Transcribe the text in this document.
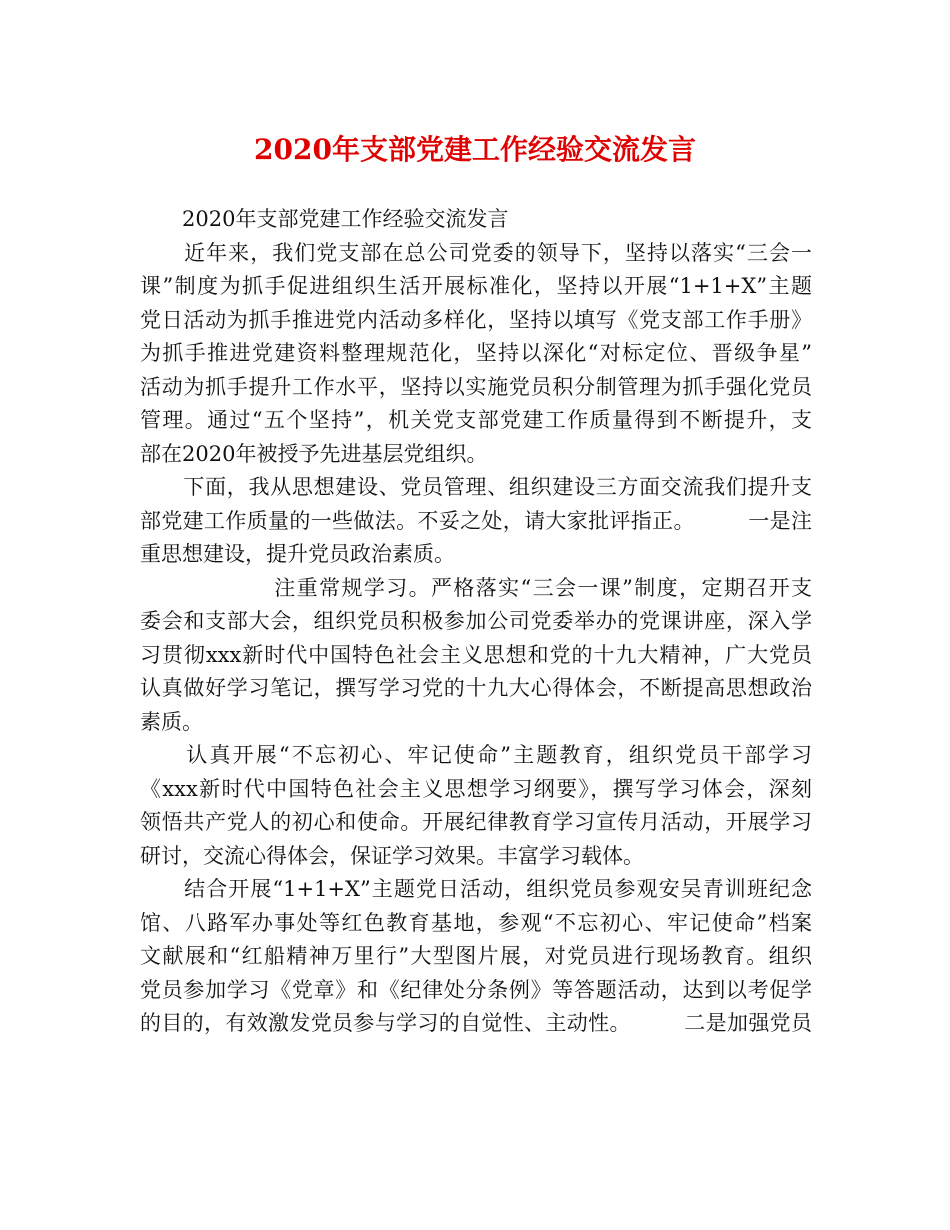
2020年支部党建工作经验交流发言
　　2020年支部党建工作经验交流发言
　　近年来，我们党支部在总公司党委的领导下，坚持以落实“三会一
课”制度为抓手促进组织生活开展标准化，坚持以开展“1+1+X”主题
党日活动为抓手推进党内活动多样化，坚持以填写《党支部工作手册》
为抓手推进党建资料整理规范化，坚持以深化“对标定位、晋级争星”
活动为抓手提升工作水平，坚持以实施党员积分制管理为抓手强化党员
管理。通过“五个坚持”，机关党支部党建工作质量得到不断提升，支
部在2020年被授予先进基层党组织。
　　下面，我从思想建设、党员管理、组织建设三方面交流我们提升支
部党建工作质量的一些做法。不妥之处，请大家批评指正。　　　一是注
重思想建设，提升党员政治素质。
　　　　　　注重常规学习。严格落实“三会一课”制度，定期召开支
委会和支部大会，组织党员积极参加公司党委举办的党课讲座，深入学
习贯彻xxx新时代中国特色社会主义思想和党的十九大精神，广大党员
认真做好学习笔记，撰写学习党的十九大心得体会，不断提高思想政治
素质。
　　认真开展“不忘初心、牢记使命”主题教育，组织党员干部学习
《xxx新时代中国特色社会主义思想学习纲要》，撰写学习体会，深刻
领悟共产党人的初心和使命。开展纪律教育学习宣传月活动，开展学习
研讨，交流心得体会，保证学习效果。丰富学习载体。
　　结合开展“1+1+X”主题党日活动，组织党员参观安吴青训班纪念
馆、八路军办事处等红色教育基地，参观“不忘初心、牢记使命”档案
文献展和“红船精神万里行”大型图片展，对党员进行现场教育。组织
党员参加学习《党章》和《纪律处分条例》等答题活动，达到以考促学
的目的，有效激发党员参与学习的自觉性、主动性。　　　二是加强党员
